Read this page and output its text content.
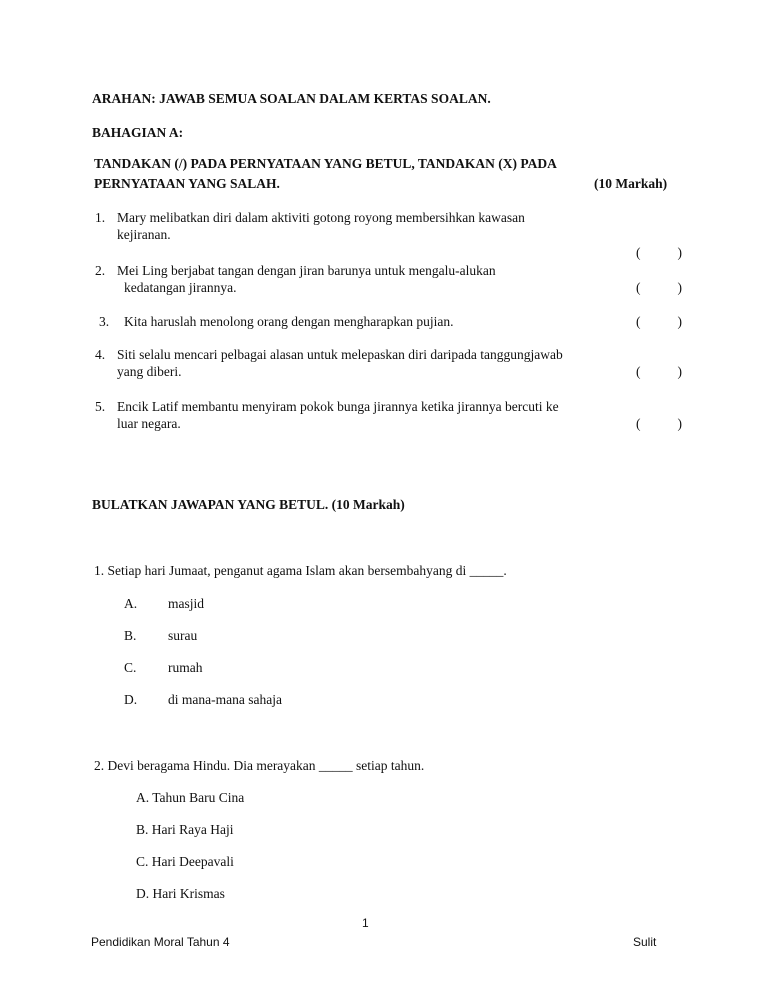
ARAHAN: JAWAB SEMUA SOALAN DALAM KERTAS SOALAN.
BAHAGIAN A:
TANDAKAN (/) PADA PERNYATAAN YANG BETUL, TANDAKAN (X) PADA
PERNYATAAN YANG SALAH.	(10 Markah)
1. Mary melibatkan diri dalam aktiviti gotong royong membersihkan kawasan
kejiranan.
(	)
2. Mei Ling berjabat tangan dengan jiran barunya untuk mengalu-alukan
kedatangan jirannya.	(	)
3. Kita haruslah menolong orang dengan mengharapkan pujian.	(	)
4. Siti selalu mencari pelbagai alasan untuk melepaskan diri daripada tanggungjawab
yang diberi.	(	)
5. Encik Latif membantu menyiram pokok bunga jirannya ketika jirannya bercuti ke
luar negara.	(	)
BULATKAN JAWAPAN YANG BETUL. (10 Markah)
1. Setiap hari Jumaat, penganut agama Islam akan bersembahyang di _____.
A. masjid
B. surau
C. rumah
D. di mana-mana sahaja
2. Devi beragama Hindu. Dia merayakan _____ setiap tahun.
A. Tahun Baru Cina
B. Hari Raya Haji
C. Hari Deepavali
D. Hari Krismas
1
Pendidikan Moral Tahun 4	Sulit
